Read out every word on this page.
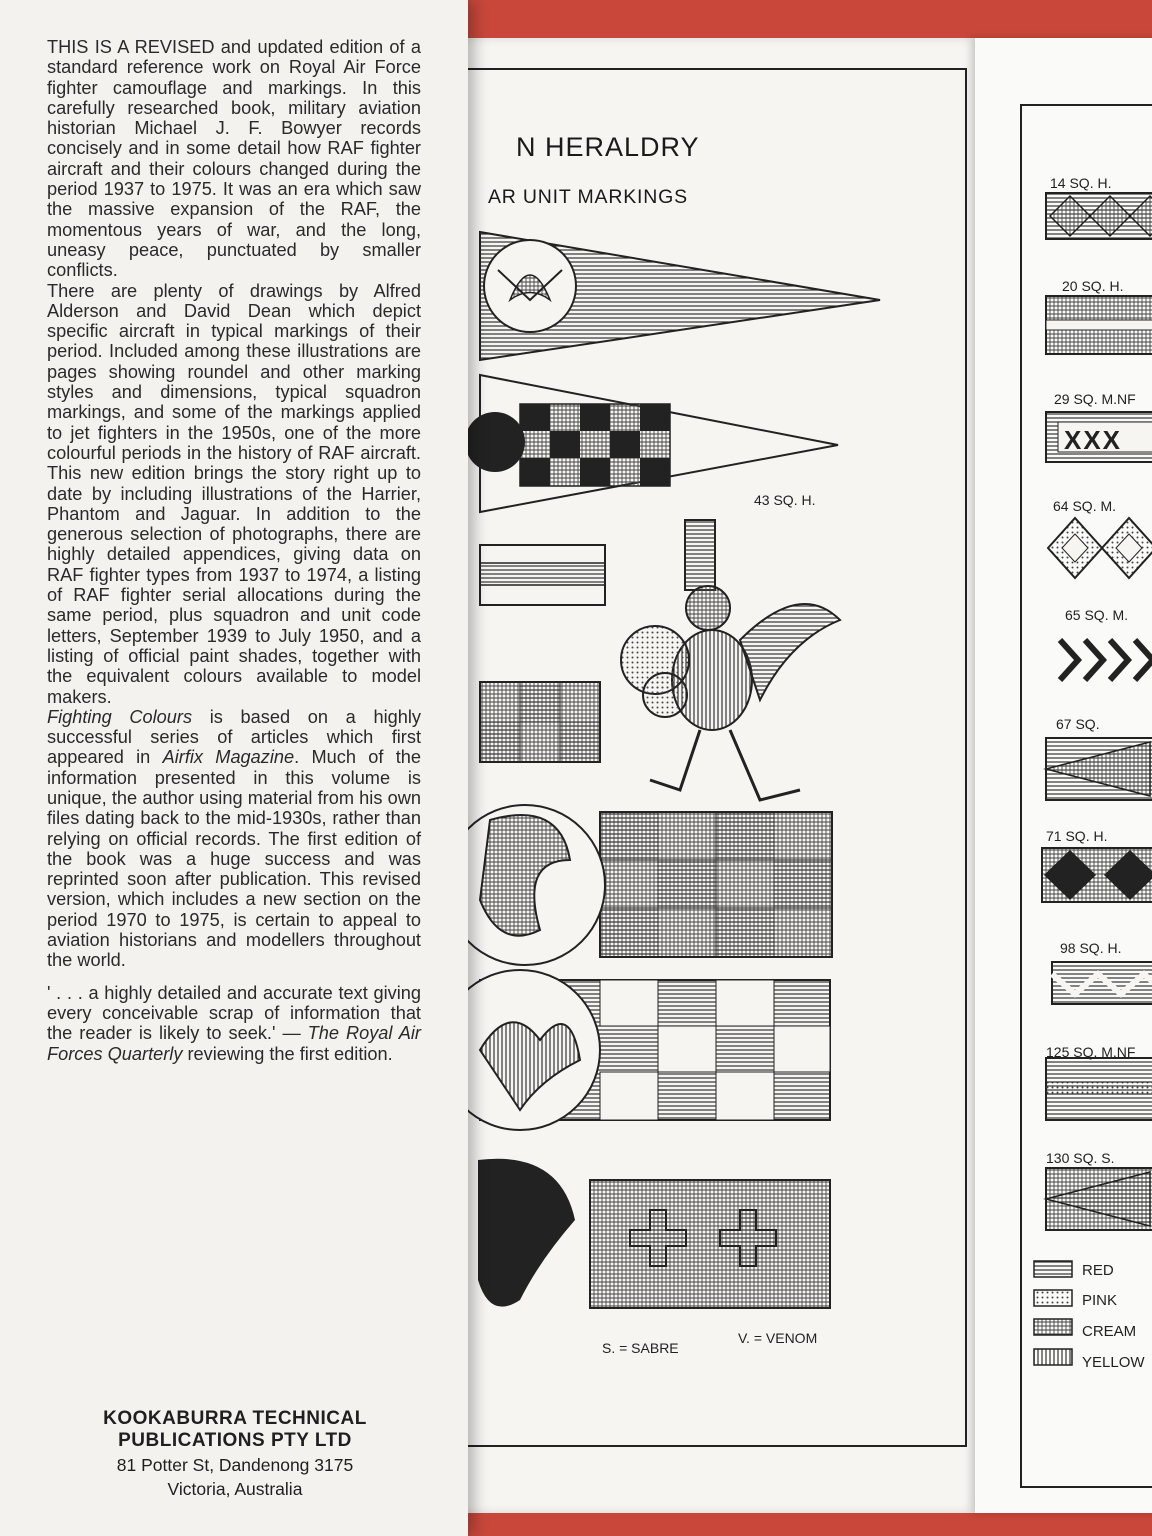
N HERALDRY
AR UNIT MARKINGS
43 SQ. H.
S. = SABRE
V. = VENOM
14 SQ. H.
20 SQ. H.
29 SQ. M.NF
XXX
64 SQ. M.
65 SQ. M.
67 SQ.
71 SQ. H.
98 SQ. H.
125 SQ. M.NF
130 SQ. S.
RED
PINK
CREAM
YELLOW

THIS IS A REVISED and updated edition of a standard reference work on Royal Air Force fighter camouflage and markings. In this carefully researched book, military aviation historian Michael J. F. Bowyer records concisely and in some detail how RAF fighter aircraft and their colours changed during the period 1937 to 1975. It was an era which saw the massive expansion of the RAF, the momentous years of war, and the long, uneasy peace, punctuated by smaller conflicts.

There are plenty of drawings by Alfred Alderson and David Dean which depict specific aircraft in typical markings of their period. Included among these illustrations are pages showing roundel and other marking styles and dimensions, typical squadron markings, and some of the markings applied to jet fighters in the 1950s, one of the more colourful periods in the history of RAF aircraft. This new edition brings the story right up to date by including illustrations of the Harrier, Phantom and Jaguar. In addition to the generous selection of photographs, there are highly detailed appendices, giving data on RAF fighter types from 1937 to 1974, a listing of RAF fighter serial allocations during the same period, plus squadron and unit code letters, September 1939 to July 1950, and a listing of official paint shades, together with the equivalent colours available to model makers.

Fighting Colours is based on a highly successful series of articles which first appeared in Airfix Magazine. Much of the information presented in this volume is unique, the author using material from his own files dating back to the mid-1930s, rather than relying on official records. The first edition of the book was a huge success and was reprinted soon after publication. This revised version, which includes a new section on the period 1970 to 1975, is certain to appeal to aviation historians and modellers throughout the world.

' . . . a highly detailed and accurate text giving every conceivable scrap of information that the reader is likely to seek.' — The Royal Air Forces Quarterly reviewing the first edition.

KOOKABURRA TECHNICAL
PUBLICATIONS PTY LTD
81 Potter St, Dandenong 3175
Victoria, Australia
